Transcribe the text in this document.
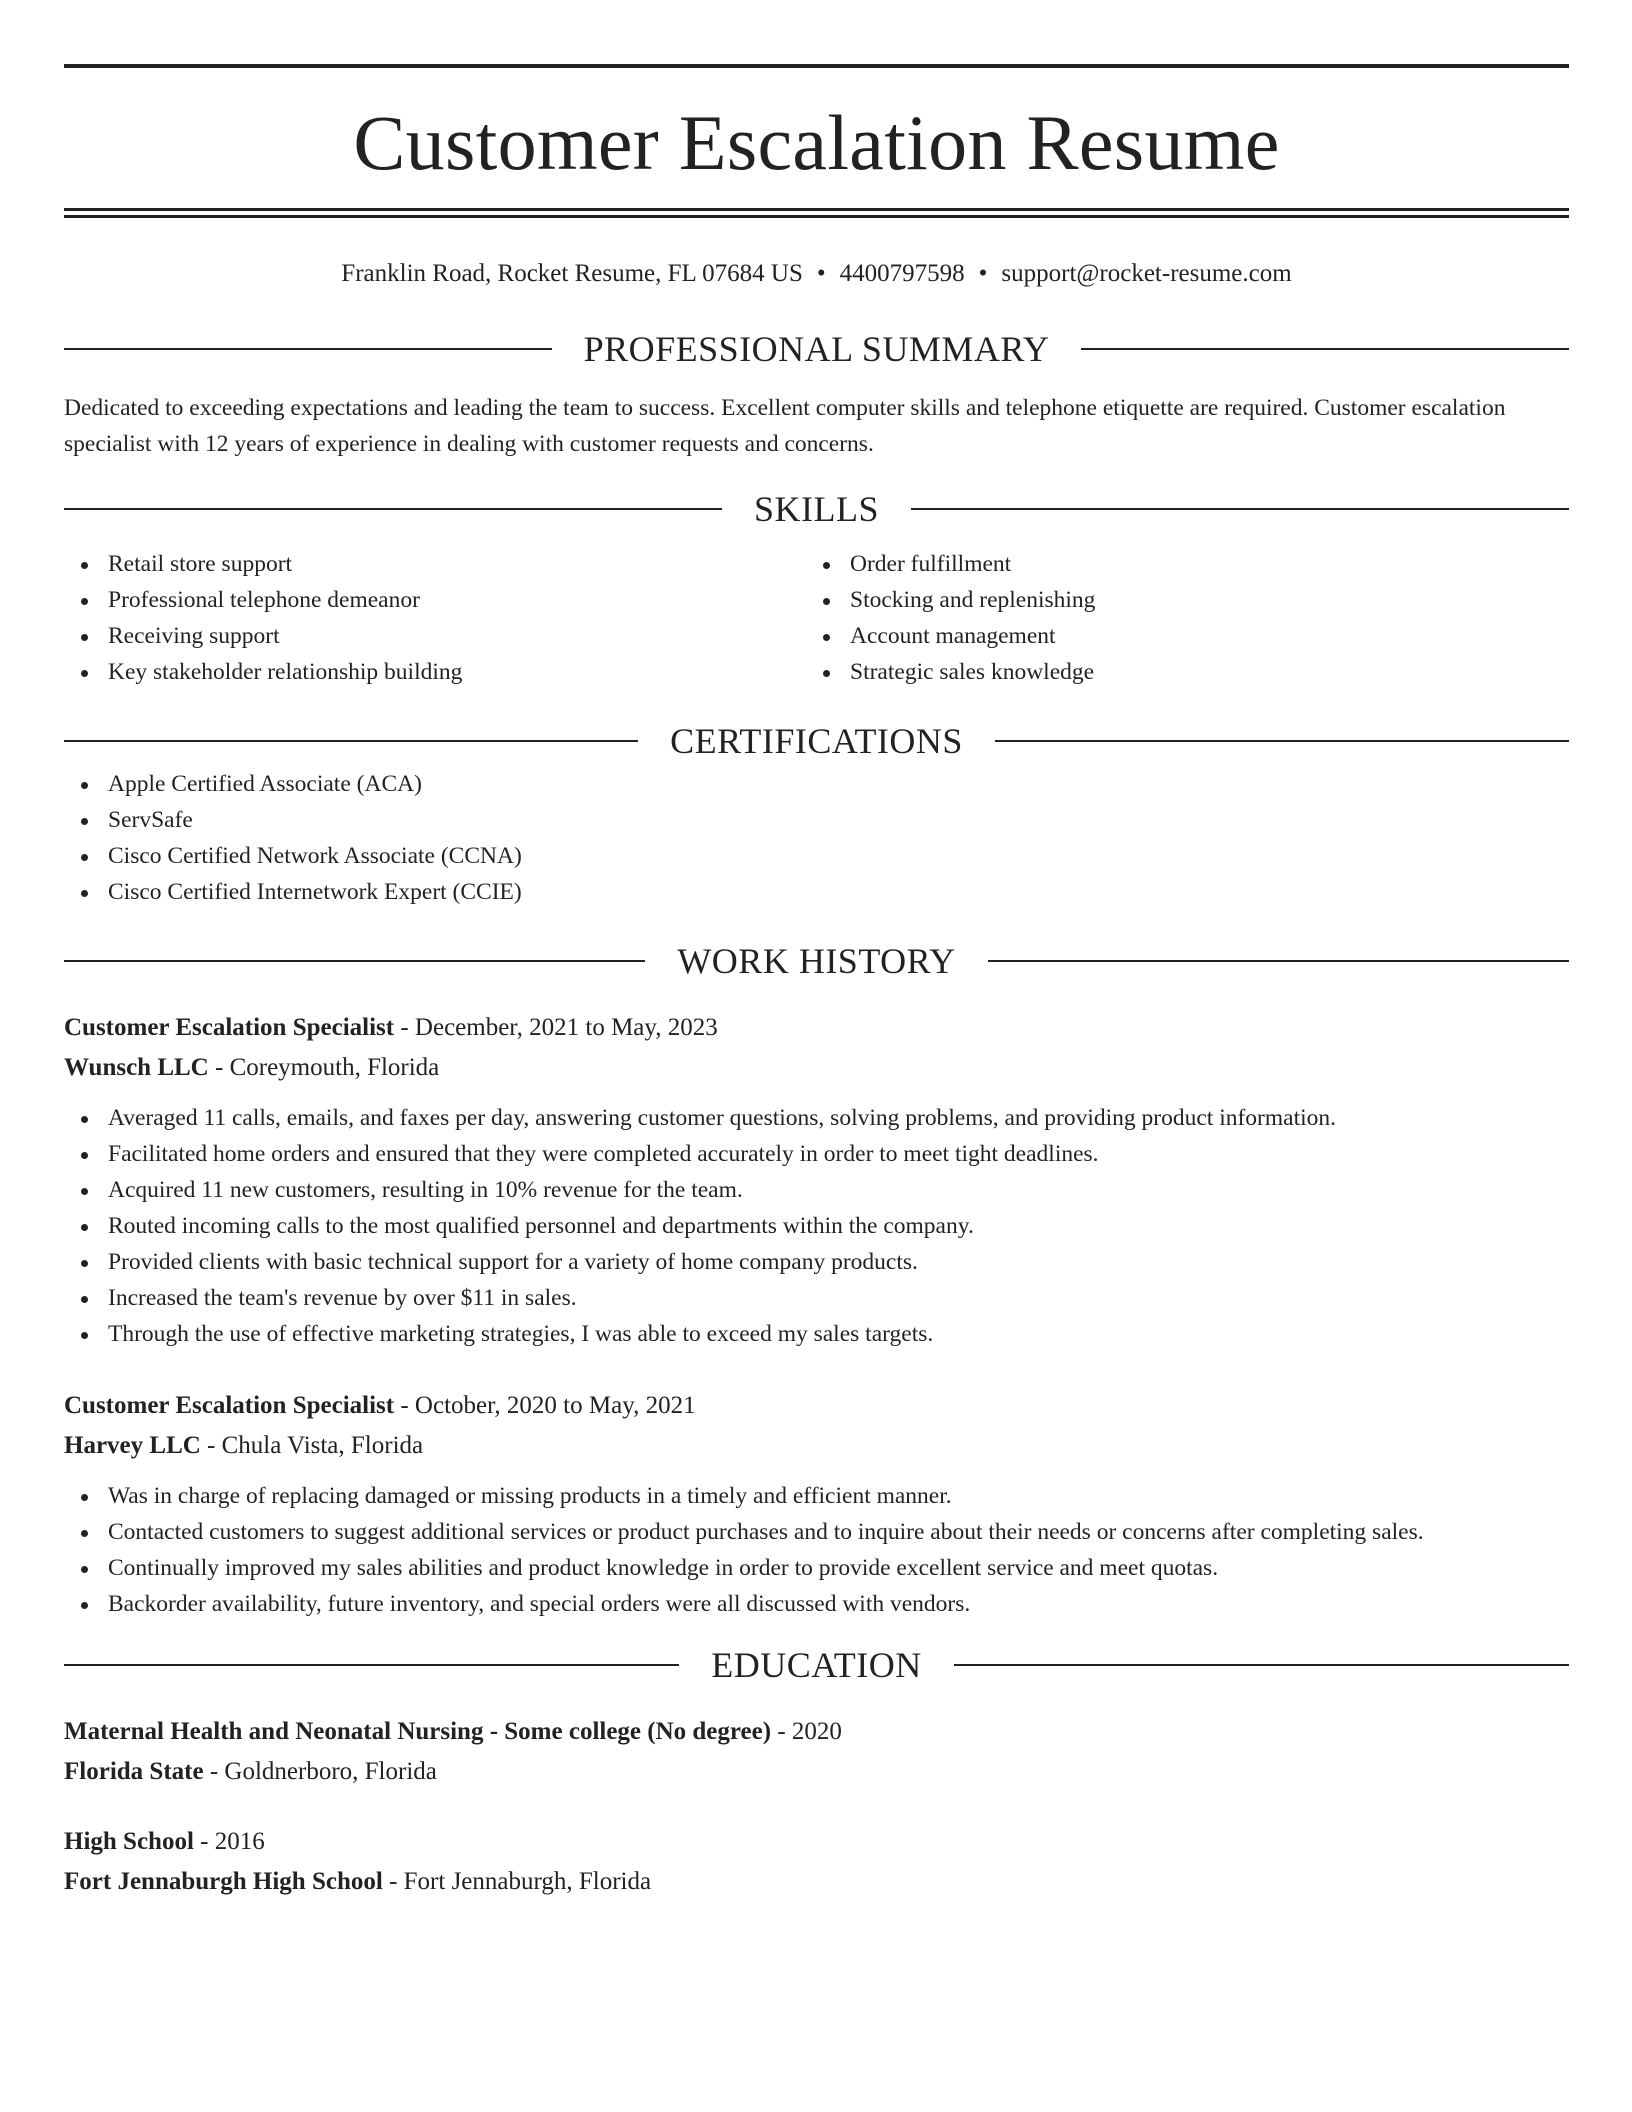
Customer Escalation Resume
Franklin Road, Rocket Resume, FL 07684 US • 4400797598 • support@rocket-resume.com
PROFESSIONAL SUMMARY
Dedicated to exceeding expectations and leading the team to success. Excellent computer skills and telephone etiquette are required. Customer escalation specialist with 12 years of experience in dealing with customer requests and concerns.
SKILLS
Retail store support
Professional telephone demeanor
Receiving support
Key stakeholder relationship building
Order fulfillment
Stocking and replenishing
Account management
Strategic sales knowledge
CERTIFICATIONS
Apple Certified Associate (ACA)
ServSafe
Cisco Certified Network Associate (CCNA)
Cisco Certified Internetwork Expert (CCIE)
WORK HISTORY
Customer Escalation Specialist - December, 2021 to May, 2023
Wunsch LLC - Coreymouth, Florida
Averaged 11 calls, emails, and faxes per day, answering customer questions, solving problems, and providing product information.
Facilitated home orders and ensured that they were completed accurately in order to meet tight deadlines.
Acquired 11 new customers, resulting in 10% revenue for the team.
Routed incoming calls to the most qualified personnel and departments within the company.
Provided clients with basic technical support for a variety of home company products.
Increased the team's revenue by over $11 in sales.
Through the use of effective marketing strategies, I was able to exceed my sales targets.
Customer Escalation Specialist - October, 2020 to May, 2021
Harvey LLC - Chula Vista, Florida
Was in charge of replacing damaged or missing products in a timely and efficient manner.
Contacted customers to suggest additional services or product purchases and to inquire about their needs or concerns after completing sales.
Continually improved my sales abilities and product knowledge in order to provide excellent service and meet quotas.
Backorder availability, future inventory, and special orders were all discussed with vendors.
EDUCATION
Maternal Health and Neonatal Nursing - Some college (No degree) - 2020
Florida State - Goldnerboro, Florida
High School - 2016
Fort Jennaburgh High School - Fort Jennaburgh, Florida
